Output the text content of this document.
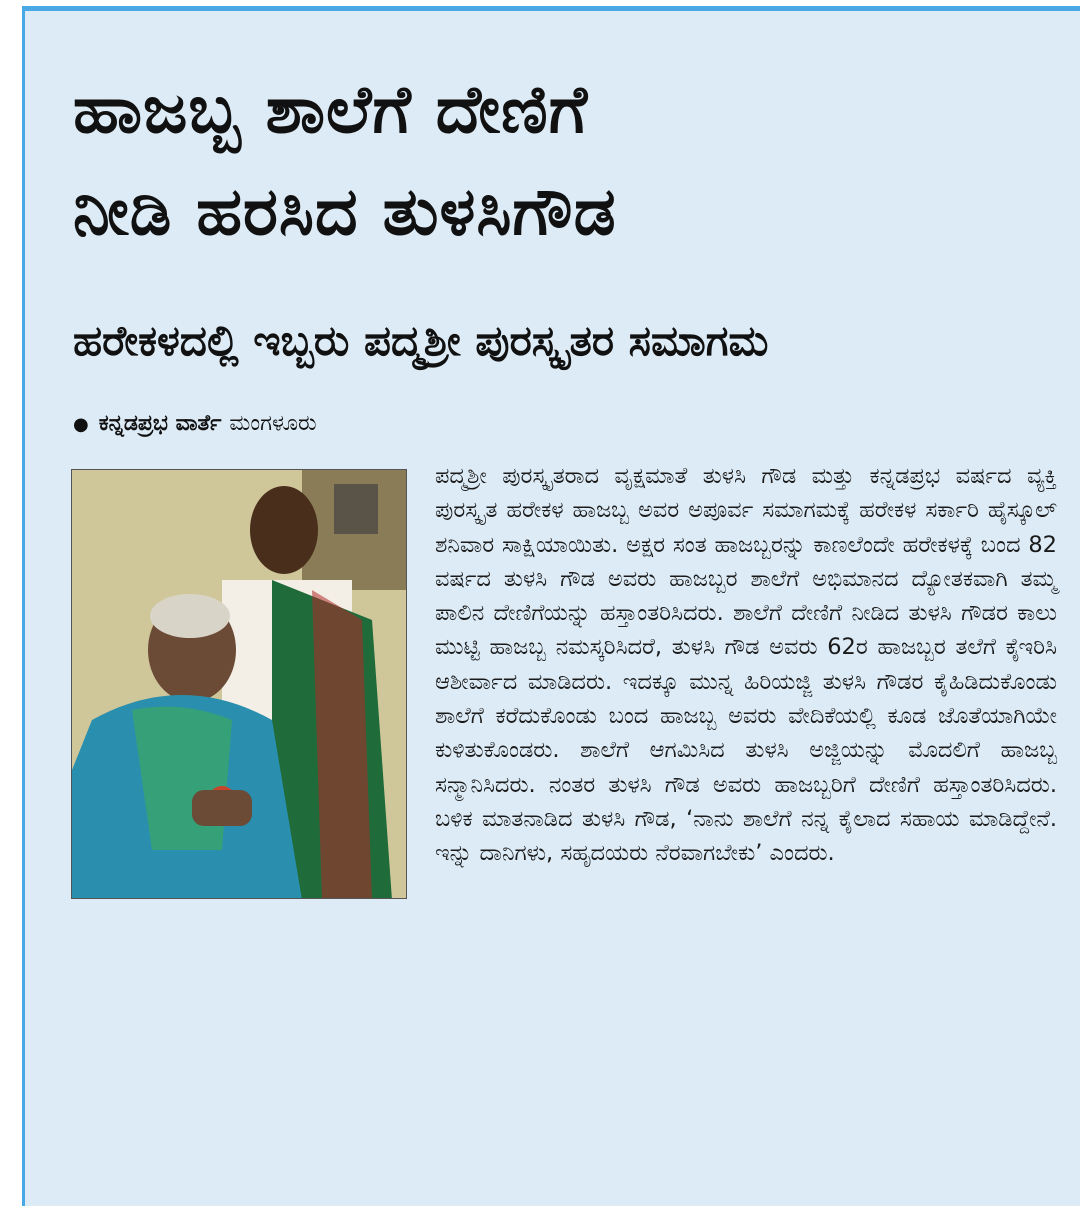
ಹಾಜಬ್ಬ ಶಾಲೆಗೆ ದೇಣಿಗೆ
ನೀಡಿ ಹರಸಿದ ತುಳಸಿಗೌಡ
ಹರೇಕಳದಲ್ಲಿ ಇಬ್ಬರು ಪದ್ಮಶ್ರೀ ಪುರಸ್ಕೃತರ ಸಮಾಗಮ
● ಕನ್ನಡಪ್ರಭ ವಾರ್ತೆ ಮಂಗಳೂರು

ಪದ್ಮಶ್ರೀ ಪುರಸ್ಕೃತರಾದ ವೃಕ್ಷಮಾತೆ ತುಳಸಿ ಗೌಡ ಮತ್ತು ಕನ್ನಡಪ್ರಭ ವರ್ಷದ ವ್ಯಕ್ತಿ ಪುರಸ್ಕೃತ ಹರೇಕಳ ಹಾಜಬ್ಬ ಅವರ ಅಪೂರ್ವ ಸಮಾಗಮಕ್ಕೆ ಹರೇಕಳ ಸರ್ಕಾರಿ ಹೈಸ್ಕೂಲ್ ಶನಿವಾರ ಸಾಕ್ಷಿಯಾಯಿತು. ಅಕ್ಷರ ಸಂತ ಹಾಜಬ್ಬರನ್ನು ಕಾಣಲೆಂದೇ ಹರೇಕಳಕ್ಕೆ ಬಂದ 82 ವರ್ಷದ ತುಳಸಿ ಗೌಡ ಅವರು ಹಾಜಬ್ಬರ ಶಾಲೆಗೆ ಅಭಿಮಾನದ ದ್ಯೋತಕವಾಗಿ ತಮ್ಮ ಪಾಲಿನ ದೇಣಿಗೆಯನ್ನು ಹಸ್ತಾಂತರಿಸಿದರು. ಶಾಲೆಗೆ ದೇಣಿಗೆ ನೀಡಿದ ತುಳಸಿ ಗೌಡರ ಕಾಲು ಮುಟ್ಟಿ ಹಾಜಬ್ಬ ನಮಸ್ಕರಿಸಿದರೆ, ತುಳಸಿ ಗೌಡ ಅವರು 62ರ ಹಾಜಬ್ಬರ ತಲೆಗೆ ಕೈಇರಿಸಿ ಆಶೀರ್ವಾದ ಮಾಡಿದರು. ಇದಕ್ಕೂ ಮುನ್ನ ಹಿರಿಯಜ್ಜಿ ತುಳಸಿ ಗೌಡರ ಕೈಹಿಡಿದುಕೊಂಡು ಶಾಲೆಗೆ ಕರೆದುಕೊಂಡು ಬಂದ ಹಾಜಬ್ಬ ಅವರು ವೇದಿಕೆಯಲ್ಲಿ ಕೂಡ ಜೊತೆಯಾಗಿಯೇ ಕುಳಿತುಕೊಂಡರು. ಶಾಲೆಗೆ ಆಗಮಿಸಿದ ತುಳಸಿ ಅಜ್ಜಿಯನ್ನು ಮೊದಲಿಗೆ ಹಾಜಬ್ಬ ಸನ್ಮಾನಿಸಿದರು. ನಂತರ ತುಳಸಿ ಗೌಡ ಅವರು ಹಾಜಬ್ಬರಿಗೆ ದೇಣಿಗೆ ಹಸ್ತಾಂತರಿಸಿದರು. ಬಳಿಕ ಮಾತನಾಡಿದ ತುಳಸಿ ಗೌಡ, ‘ನಾನು ಶಾಲೆಗೆ ನನ್ನ ಕೈಲಾದ ಸಹಾಯ ಮಾಡಿದ್ದೇನೆ. ಇನ್ನು ದಾನಿಗಳು, ಸಹೃದಯರು ನೆರವಾಗಬೇಕು’ ಎಂದರು.
